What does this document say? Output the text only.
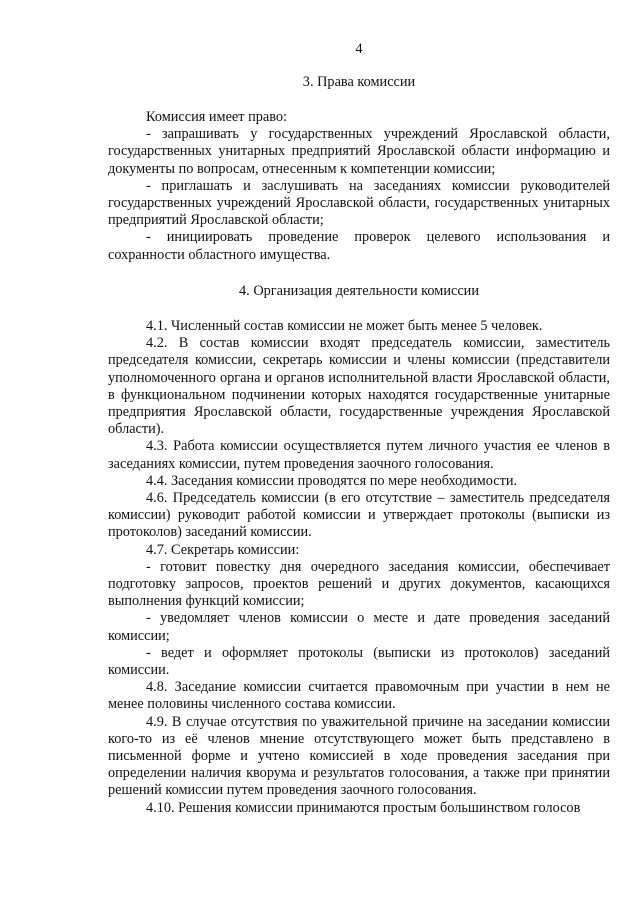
4

3. Права комиссии

Комиссия имеет право:

- запрашивать у государственных учреждений Ярославской области, государственных унитарных предприятий Ярославской области информацию и документы по вопросам, отнесенным к компетенции комиссии;

- приглашать и заслушивать на заседаниях комиссии руководителей государственных учреждений Ярославской области, государственных унитарных предприятий Ярославской области;

- инициировать проведение проверок целевого использования и сохранности областного имущества.

4. Организация деятельности комиссии

4.1. Численный состав комиссии не может быть менее 5 человек.

4.2. В состав комиссии входят председатель комиссии, заместитель председателя комиссии, секретарь комиссии и члены комиссии (представители уполномоченного органа и органов исполнительной власти Ярославской области, в функциональном подчинении которых находятся государственные унитарные предприятия Ярославской области, государственные учреждения Ярославской области).

4.3. Работа комиссии осуществляется путем личного участия ее членов в заседаниях комиссии, путем проведения заочного голосования.

4.4. Заседания комиссии проводятся по мере необходимости.

4.6. Председатель комиссии (в его отсутствие – заместитель председателя комиссии) руководит работой комиссии и утверждает протоколы (выписки из протоколов) заседаний комиссии.

4.7. Секретарь комиссии:

- готовит повестку дня очередного заседания комиссии, обеспечивает подготовку запросов, проектов решений и других документов, касающихся выполнения функций комиссии;

- уведомляет членов комиссии о месте и дате проведения заседаний комиссии;

- ведет и оформляет протоколы (выписки из протоколов) заседаний комиссии.

4.8. Заседание комиссии считается правомочным при участии в нем не менее половины численного состава комиссии.

4.9. В случае отсутствия по уважительной причине на заседании комиссии кого-то из её членов мнение отсутствующего может быть представлено в письменной форме и учтено комиссией в ходе проведения заседания при определении наличия кворума и результатов голосования, а также при принятии решений комиссии путем проведения заочного голосования.

4.10. Решения комиссии принимаются простым большинством голосов
